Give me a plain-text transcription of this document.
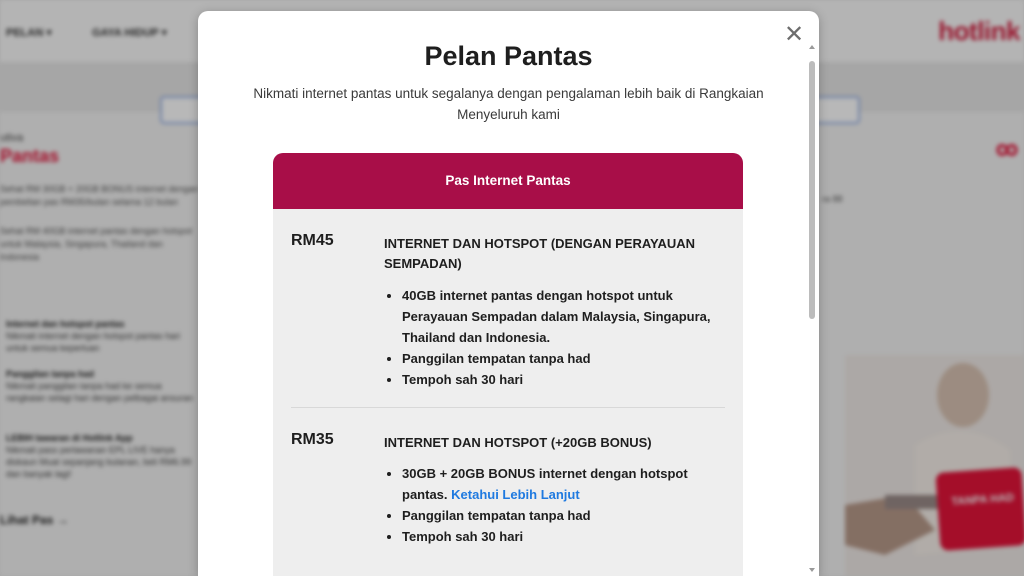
PELAN ▾	GAYA HIDUP ▾	hotlink
utiva
Pantas
Sehat RM 30GB + 20GB BONUS internet dengan pembelian pas RM35/bulan selama 12 bulan
Sehat RM 40GB internet pantas dengan hotspot untuk Malaysia, Singapura, Thailand dan Indonesia
Internet dan hotspot pantas
Nikmati internet dengan hotspot pantas hari untuk semua keperluan
Panggilan tanpa had
Nikmati panggilan tanpa had ke semua rangkaian selagi hari dengan pelbagai ansuran
LEBIH tawaran di Hotlink App
Nikmati pass perlawanan EPL LIVE hanya diskaun Muat sepanjang bulanan, beli RM6.99 dan banyak lagi!
Lihat Pas →
ra 88
TANPA HAD
✕
Pelan Pantas
Nikmati internet pantas untuk segalanya dengan pengalaman lebih baik di Rangkaian Menyeluruh kami
Pas Internet Pantas
RM45	INTERNET DAN HOTSPOT (DENGAN PERAYAUAN SEMPADAN)
• 40GB internet pantas dengan hotspot untuk Perayauan Sempadan dalam Malaysia, Singapura, Thailand dan Indonesia.
• Panggilan tempatan tanpa had
• Tempoh sah 30 hari
RM35	INTERNET DAN HOTSPOT (+20GB BONUS)
• 30GB + 20GB BONUS internet dengan hotspot pantas. Ketahui Lebih Lanjut
• Panggilan tempatan tanpa had
• Tempoh sah 30 hari
